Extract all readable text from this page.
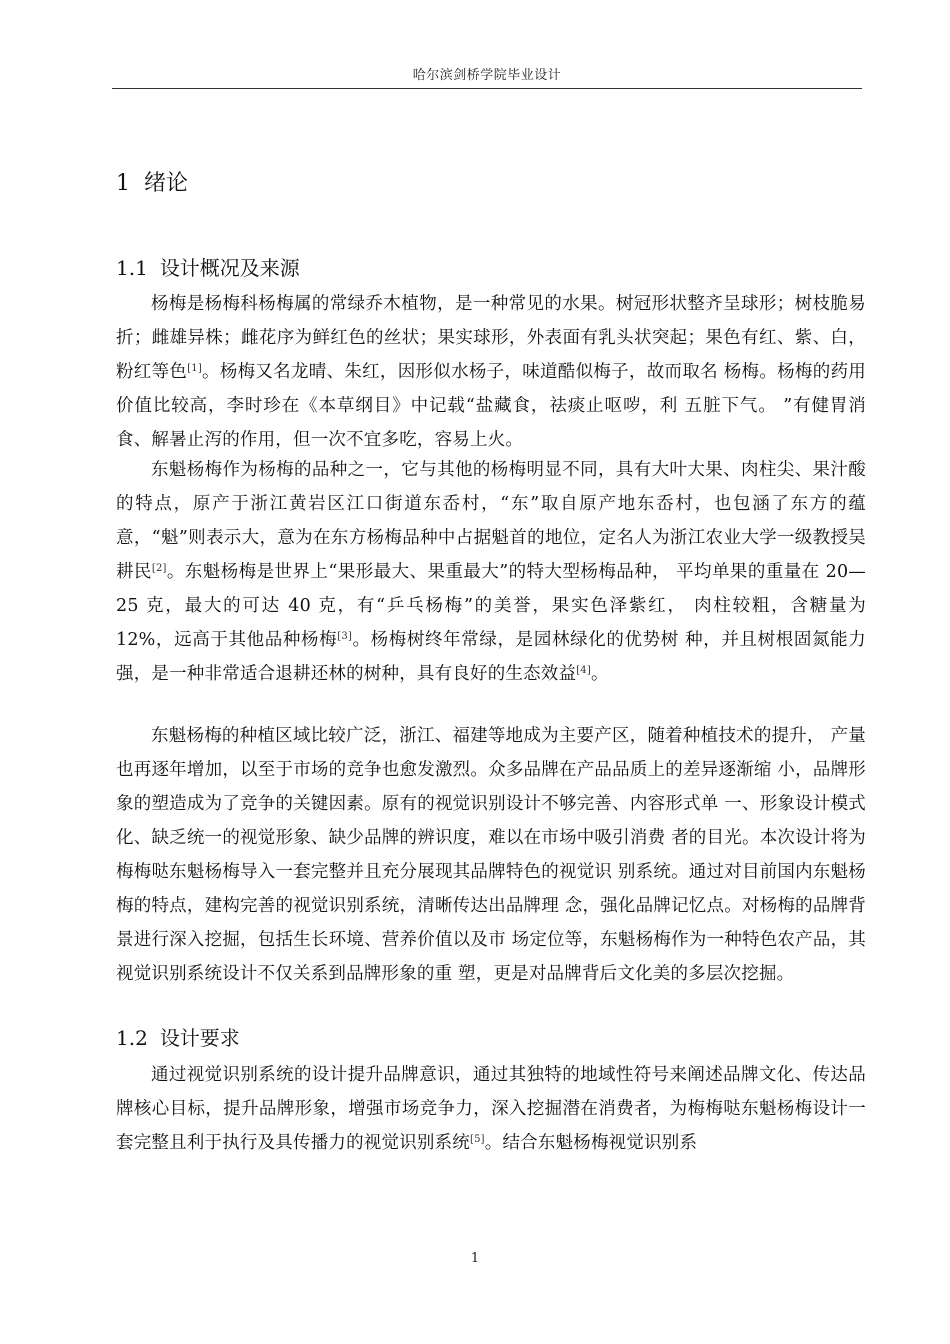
哈尔滨剑桥学院毕业设计
1 绪论
1.1 设计概况及来源

杨梅是杨梅科杨梅属的常绿乔木植物，是一种常见的水果。树冠形状整齐呈球形；树枝脆易折；雌雄异株；雌花序为鲜红色的丝状；果实球形，外表面有乳头状突起；果色有红、紫、白， 粉红等色[1]。杨梅又名龙晴、朱红，因形似水杨子，味道酷似梅子，故而取名 杨梅。杨梅的药用价值比较高，李时珍在《本草纲目》中记载“盐藏食，祛痰止呕哕，利 五脏下气。 ”有健胃消食、解暑止泻的作用，但一次不宜多吃，容易上火。

东魁杨梅作为杨梅的品种之一，它与其他的杨梅明显不同，具有大叶大果、肉柱尖、果汁酸的特点，原产于浙江黄岩区江口街道东岙村，“东”取自原产地东岙村，也包涵了东方的蕴意，“魁”则表示大，意为在东方杨梅品种中占据魁首的地位，定名人为浙江农业大学一级教授吴耕民[2]。东魁杨梅是世界上“果形最大、果重最大”的特大型杨梅品种， 平均单果的重量在 20—25 克，最大的可达 40 克，有“乒乓杨梅”的美誉，果实色泽紫红， 肉柱较粗，含糖量为 12%，远高于其他品种杨梅[3]。杨梅树终年常绿，是园林绿化的优势树 种，并且树根固氮能力强，是一种非常适合退耕还林的树种，具有良好的生态效益[4]。

东魁杨梅的种植区域比较广泛，浙江、福建等地成为主要产区，随着种植技术的提升， 产量也再逐年增加，以至于市场的竞争也愈发激烈。众多品牌在产品品质上的差异逐渐缩 小，品牌形象的塑造成为了竞争的关键因素。原有的视觉识别设计不够完善、内容形式单 一、形象设计模式化、缺乏统一的视觉形象、缺少品牌的辨识度，难以在市场中吸引消费 者的目光。本次设计将为梅梅哒东魁杨梅导入一套完整并且充分展现其品牌特色的视觉识 别系统。通过对目前国内东魁杨梅的特点，建构完善的视觉识别系统，清晰传达出品牌理 念，强化品牌记忆点。对杨梅的品牌背景进行深入挖掘，包括生长环境、营养价值以及市 场定位等，东魁杨梅作为一种特色农产品，其视觉识别系统设计不仅关系到品牌形象的重 塑，更是对品牌背后文化美的多层次挖掘。

1.2 设计要求

通过视觉识别系统的设计提升品牌意识，通过其独特的地域性符号来阐述品牌文化、传达品牌核心目标，提升品牌形象，增强市场竞争力，深入挖掘潜在消费者，为梅梅哒东魁杨梅设计一套完整且利于执行及具传播力的视觉识别系统[5]。结合东魁杨梅视觉识别系

1
